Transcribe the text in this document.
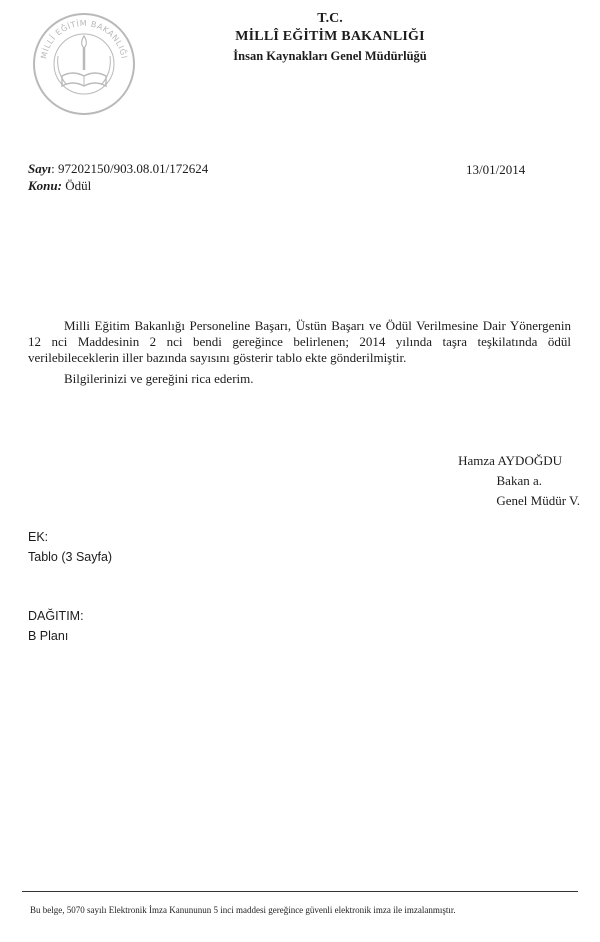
MİLLÎ EĞİTİM BAKANLIĞI
T.C.
MİLLÎ EĞİTİM BAKANLIĞI
İnsan Kaynakları Genel Müdürlüğü
Sayı: 97202150/903.08.01/172624
Konu: Ödül
13/01/2014

Milli Eğitim Bakanlığı Personeline Başarı, Üstün Başarı ve Ödül Verilmesine Dair Yönergenin 12 nci Maddesinin 2 nci bendi gereğince belirlenen; 2014 yılında taşra teşkilatında ödül verilebileceklerin iller bazında sayısını gösterir tablo ekte gönderilmiştir.

Bilgilerinizi ve gereğini rica ederim.

Hamza AYDOĞDU
Bakan a.
Genel Müdür V.
EK:
Tablo (3 Sayfa)
DAĞITIM:
B Planı
Bu belge, 5070 sayılı Elektronik İmza Kanununun 5 inci maddesi gereğince güvenli elektronik imza ile imzalanmıştır.
